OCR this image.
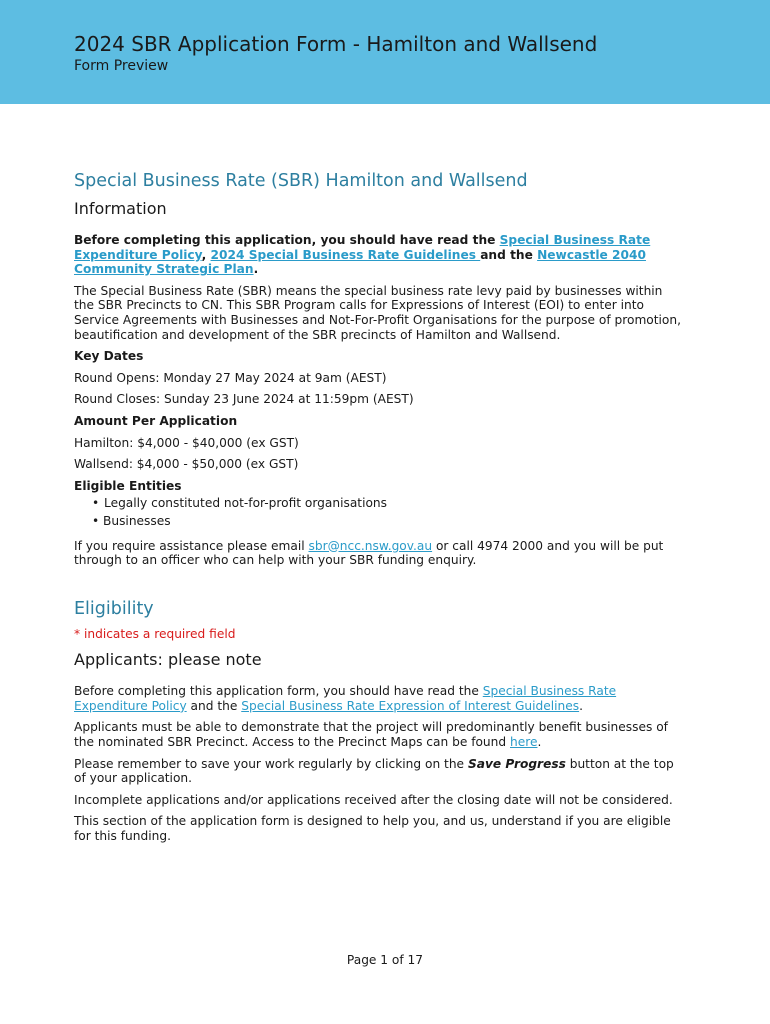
2024 SBR Application Form - Hamilton and Wallsend
Form Preview
Special Business Rate (SBR) Hamilton and Wallsend
Information

Before completing this application, you should have read the Special Business Rate Expenditure Policy, 2024 Special Business Rate Guidelines and the Newcastle 2040 Community Strategic Plan.

The Special Business Rate (SBR) means the special business rate levy paid by businesses within the SBR Precincts to CN. This SBR Program calls for Expressions of Interest (EOI) to enter into Service Agreements with Businesses and Not-For-Profit Organisations for the purpose of promotion, beautification and development of the SBR precincts of Hamilton and Wallsend.

Key Dates

Round Opens: Monday 27 May 2024 at 9am (AEST)

Round Closes: Sunday 23 June 2024 at 11:59pm (AEST)

Amount Per Application

Hamilton: $4,000 - $40,000 (ex GST)

Wallsend: $4,000 - $50,000 (ex GST)

Eligible Entities

• Legally constituted not-for-profit organisations
• Businesses

If you require assistance please email sbr@ncc.nsw.gov.au or call 4974 2000 and you will be put through to an officer who can help with your SBR funding enquiry.

Eligibility

* indicates a required field

Applicants: please note

Before completing this application form, you should have read the Special Business Rate Expenditure Policy and the Special Business Rate Expression of Interest Guidelines.

Applicants must be able to demonstrate that the project will predominantly benefit businesses of the nominated SBR Precinct. Access to the Precinct Maps can be found here.

Please remember to save your work regularly by clicking on the Save Progress button at the top of your application.

Incomplete applications and/or applications received after the closing date will not be considered.

This section of the application form is designed to help you, and us, understand if you are eligible for this funding.

Page 1 of 17
